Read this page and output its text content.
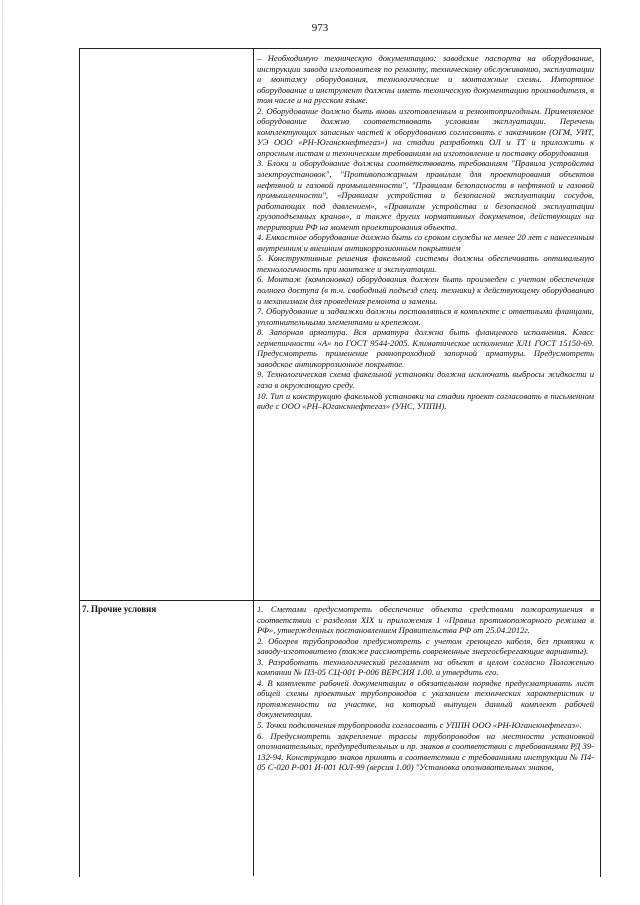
973

– Необходимую техническую документацию: заводские паспорта на оборудование, инструкции завода изготовителя по ремонту, техническому обслуживанию, эксплуатации и монтажу оборудования, технологические и монтажные схемы. Импортное оборудование и инструмент должны иметь техническую документацию производителя, в том числе и на русском языке.

2. Оборудование должно быть вновь изготовленным и ремонтопригодным. Применяемое оборудование должно соответствовать условиям эксплуатации. Перечень комплектующих запасных частей к оборудованию согласовать с заказчиком (ОГМ, УИТ, УЭ ООО «РН-Юганскнефтегаз») на стадии разработки ОЛ и ТТ и приложить к опросным листам и техническим требованиям на изготовление и поставку оборудования

3. Блоки и оборудование должны соответствовать требованиям "Правила устройства электроустановок", "Противопожарным правилам для проектирования объектов нефтяной и газовой промышленности", "Правилам безопасности в нефтяной и газовой промышленности", «Правилам устройства и безопасной эксплуатации сосудов, работающих под давлением», «Правилам устройства и безопасной эксплуатации грузоподъемных кранов», а также других нормативных документов, действующих на территории РФ на момент проектирования объекта.

4. Емкостное оборудование должно быть со сроком службы не менее 20 лет с нанесенным внутренним и внешним антикоррозионным покрытием

5. Конструктивные решения факельной системы должны обеспечивать оптимальную технологичность при монтаже и эксплуатации.

6. Монтаж (компоновка) оборудования должен быть произведен с учетом обеспечения полного доступа (в т.ч. свободный подъезд спец. техники) к действующему оборудованию и механизмам для проведения ремонта и замены.

7. Оборудование и задвижки должны поставляться в комплекте с ответными фланцами, уплотнительными элементами и крепежом.

8. Запорная арматура. Вся арматура должна быть фланцевого исполнения. Класс герметичности «А» по ГОСТ 9544-2005. Климатическое исполнение ХЛ1 ГОСТ 15150-69. Предусмотреть применение равнопроходной запорной арматуры. Предусмотреть заводское антикоррозионное покрытие.

9. Технологическая схема факельной установки должна исключать выбросы жидкости и газа в окружающую среду.

10. Тип и конструкцию факельной установки на стадии проект согласовать в письменном виде с ООО «РН–Юганскнефтегаз» (УНС, УППН).

7. Прочие условия	1. Сметами предусмотреть обеспечение объекта средствами пожаротушения в соответствии с разделом XIX и приложения 1 «Правил противопожарного режима в РФ», утвержденных постановлением Правительства РФ от 25.04.2012г.

2. Обогрев трубопроводов предусмотреть с учетом греющего кабеля, без привязки к заводу-изготовителю (также рассмотреть современные энергосберегающие варианты).

3. Разработать технологический регламент на объект в целом согласно Положению компании № П3-05 СЦ-001 Р-006 ВЕРСИЯ 1.00. и утвердить его.

4. В комплекте рабочей документации в обязательном порядке предусматривать лист общей схемы проектных трубопроводов с указанием технических характеристик и протяженности на участке, на который выпущен данный комплект рабочей документации.

5. Точки подключения трубопровода согласовать с УППН ООО «РН-Юганскнефтегаз».

6. Предусмотреть закрепление трассы трубопроводов на местности установкой опознавательных, предупредительных и пр. знаков в соответствии с требованиями РД 39-132-94. Конструкцию знаков принять в соответствии с требованиями инструкции № П4-05 С-020 Р-001 И-001 ЮЛ-99 (версия 1.00) "Установка опознавательных знаков,
